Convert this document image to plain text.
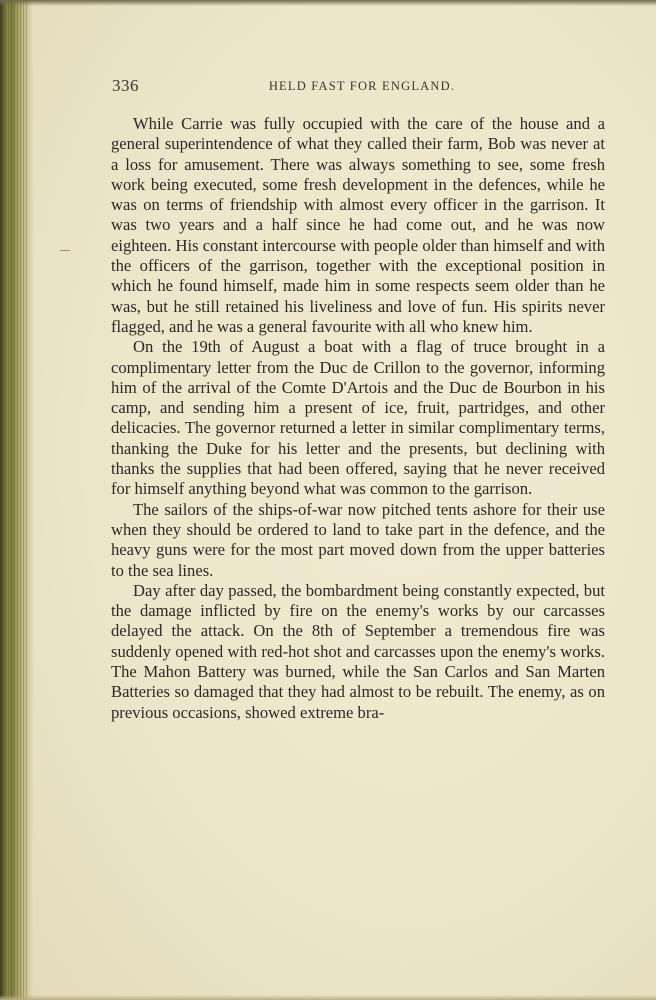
336	HELD FAST FOR ENGLAND.

While Carrie was fully occupied with the care of the house and a general superintendence of what they called their farm, Bob was never at a loss for amusement. There was always something to see, some fresh work being executed, some fresh development in the defences, while he was on terms of friendship with almost every officer in the garrison. It was two years and a half since he had come out, and he was now eighteen. His constant intercourse with people older than himself and with the officers of the garrison, together with the exceptional position in which he found himself, made him in some respects seem older than he was, but he still retained his liveliness and love of fun. His spirits never flagged, and he was a general favourite with all who knew him.

On the 19th of August a boat with a flag of truce brought in a complimentary letter from the Duc de Crillon to the governor, informing him of the arrival of the Comte D'Artois and the Duc de Bourbon in his camp, and sending him a present of ice, fruit, partridges, and other delicacies. The governor returned a letter in similar complimentary terms, thanking the Duke for his letter and the presents, but declining with thanks the supplies that had been offered, saying that he never received for himself anything beyond what was common to the garrison.

The sailors of the ships-of-war now pitched tents ashore for their use when they should be ordered to land to take part in the defence, and the heavy guns were for the most part moved down from the upper batteries to the sea lines.

Day after day passed, the bombardment being constantly expected, but the damage inflicted by fire on the enemy's works by our carcasses delayed the attack. On the 8th of September a tremendous fire was suddenly opened with red-hot shot and carcasses upon the enemy's works. The Mahon Battery was burned, while the San Carlos and San Marten Batteries so damaged that they had almost to be rebuilt. The enemy, as on previous occasions, showed extreme bra-
